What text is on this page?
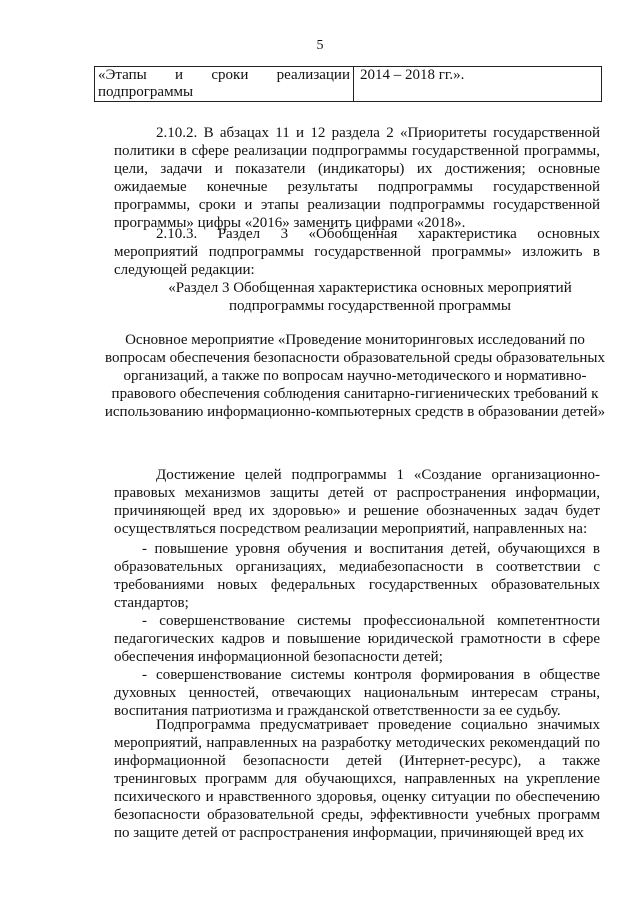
5
«Этапы и сроки реализации
подпрограммы
	2014 – 2018 гг.».

2.10.2. В абзацах 11 и 12 раздела 2 «Приоритеты государственной политики в сфере реализации подпрограммы государственной программы, цели, задачи и показатели (индикаторы) их достижения; основные ожидаемые конечные результаты подпрограммы государственной программы, сроки и этапы реализации подпрограммы государственной программы» цифры «2016» заменить цифрами «2018».

2.10.3. Раздел 3 «Обобщенная характеристика основных мероприятий подпрограммы государственной программы» изложить в следующей редакции:

«Раздел 3 Обобщенная характеристика основных мероприятий подпрограммы государственной программы

Основное мероприятие «Проведение мониторинговых исследований по вопросам обеспечения безопасности образовательной среды образовательных организаций, а также по вопросам научно-методического и нормативно-правового обеспечения соблюдения санитарно-гигиенических требований к использованию информационно-компьютерных средств в образовании детей»

Достижение целей подпрограммы 1 «Создание организационно-правовых механизмов защиты детей от распространения информации, причиняющей вред их здоровью» и решение обозначенных задач будет осуществляться посредством реализации мероприятий, направленных на:

- повышение уровня обучения и воспитания детей, обучающихся в образовательных организациях, медиабезопасности в соответствии с требованиями новых федеральных государственных образовательных стандартов;

- совершенствование системы профессиональной компетентности педагогических кадров и повышение юридической грамотности в сфере обеспечения информационной безопасности детей;

- совершенствование системы контроля формирования в обществе духовных ценностей, отвечающих национальным интересам страны, воспитания патриотизма и гражданской ответственности за ее судьбу.

Подпрограмма предусматривает проведение социально значимых мероприятий, направленных на разработку методических рекомендаций по информационной безопасности детей (Интернет-ресурс), а также тренинговых программ для обучающихся, направленных на укрепление психического и нравственного здоровья, оценку ситуации по обеспечению безопасности образовательной среды, эффективности учебных программ по защите детей от распространения информации, причиняющей вред их
